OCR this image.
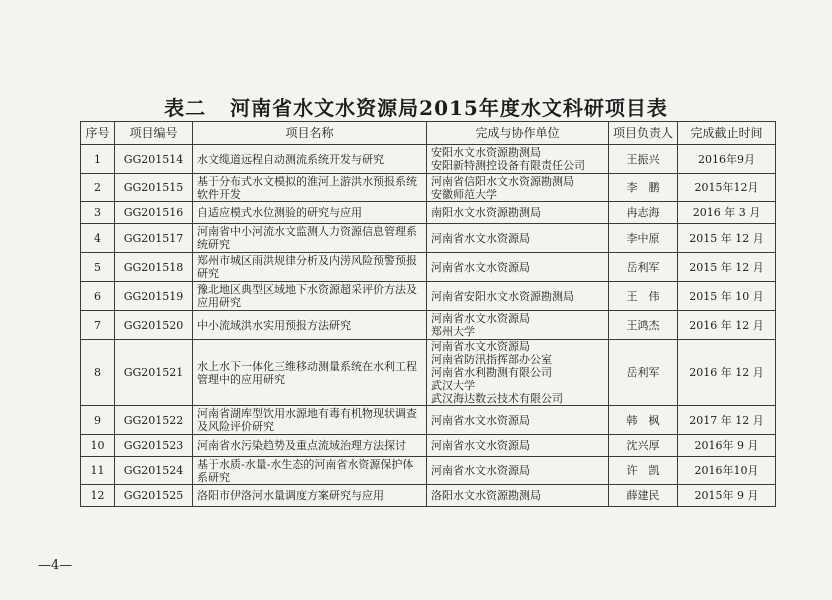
表二 河南省水文水资源局2015年度水文科研项目表
序号	项目编号	项目名称	完成与协作单位	项目负责人	完成截止时间
1	GG201514	水文缆道远程自动测流系统开发与研究	安阳水文水资源勘测局
安阳新特测控设备有限责任公司	王振兴	2016年9月
2	GG201515	基于分布式水文模拟的淮河上游洪水预报系统软件开发	河南省信阳水文水资源勘测局
安徽师范大学	李　鹏	2015年12月
3	GG201516	自适应模式水位测验的研究与应用	南阳水文水资源勘测局	冉志海	2016 年 3 月
4	GG201517	河南省中小河流水文监测人力资源信息管理系统研究	河南省水文水资源局	李中原	2015 年 12 月
5	GG201518	郑州市城区雨洪规律分析及内涝风险预警预报研究	河南省水文水资源局	岳利军	2015 年 12 月
6	GG201519	豫北地区典型区域地下水资源超采评价方法及应用研究	河南省安阳水文水资源勘测局	王　伟	2015 年 10 月
7	GG201520	中小流域洪水实用预报方法研究	河南省水文水资源局
郑州大学	王鸿杰	2016 年 12 月
8	GG201521	水上水下一体化三维移动测量系统在水利工程管理中的应用研究	河南省水文水资源局
河南省防汛指挥部办公室
河南省水利勘测有限公司
武汉大学
武汉海达数云技术有限公司	岳利军	2016 年 12 月
9	GG201522	河南省湖库型饮用水源地有毒有机物现状调查及风险评价研究	河南省水文水资源局	韩　枫	2017 年 12 月
10	GG201523	河南省水污染趋势及重点流域治理方法探讨	河南省水文水资源局	沈兴厚	2016年 9 月
11	GG201524	基于水质-水量-水生态的河南省水资源保护体系研究	河南省水文水资源局	许　凯	2016年10月
12	GG201525	洛阳市伊洛河水量调度方案研究与应用	洛阳水文水资源勘测局	薛建民	2015年 9 月
—4—
